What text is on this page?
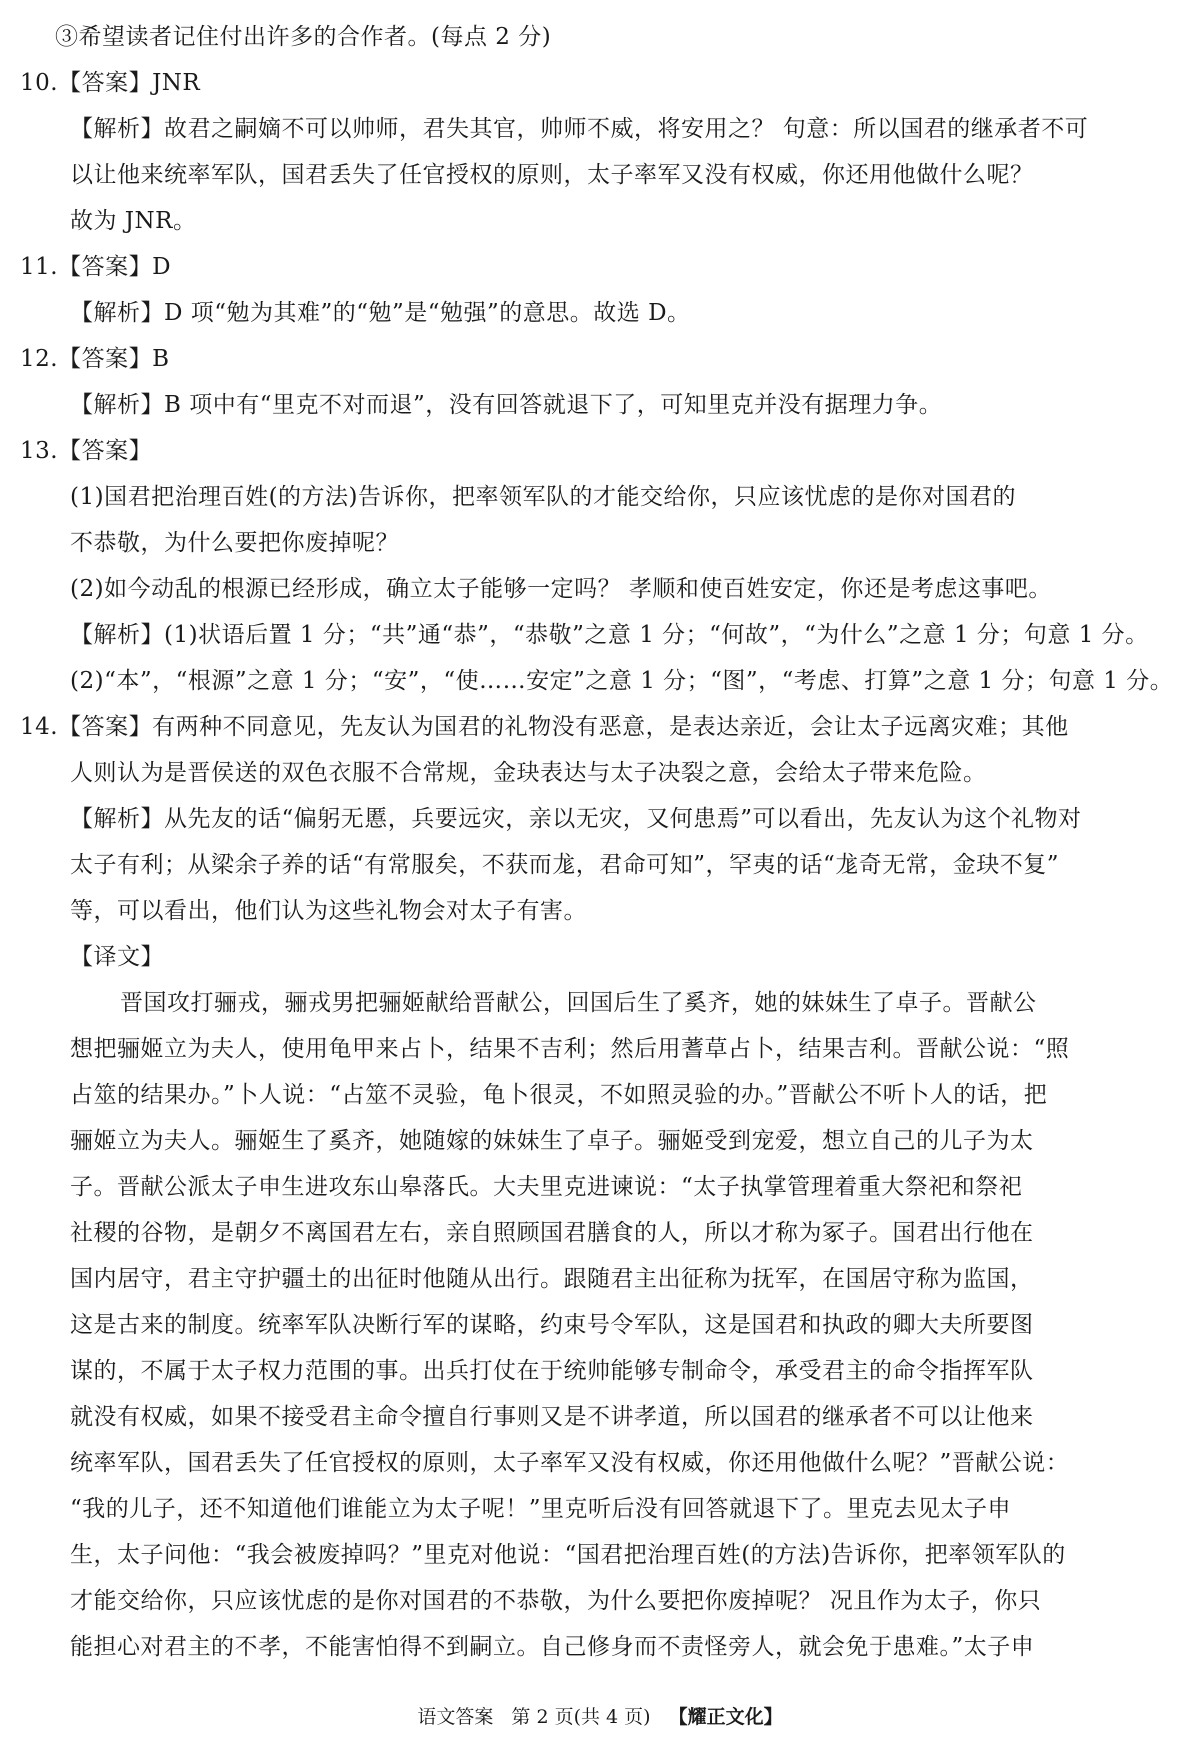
③希望读者记住付出许多的合作者。(每点 2 分)
10.【答案】JNR
【解析】故君之嗣嫡不可以帅师，君失其官，帅师不威，将安用之？ 句意：所以国君的继承者不可
以让他来统率军队，国君丢失了任官授权的原则，太子率军又没有权威，你还用他做什么呢？
故为 JNR。
11.【答案】D
【解析】D 项“勉为其难”的“勉”是“勉强”的意思。故选 D。
12.【答案】B
【解析】B 项中有“里克不对而退”，没有回答就退下了，可知里克并没有据理力争。
13.【答案】
(1)国君把治理百姓(的方法)告诉你，把率领军队的才能交给你，只应该忧虑的是你对国君的
不恭敬，为什么要把你废掉呢？
(2)如今动乱的根源已经形成，确立太子能够一定吗？ 孝顺和使百姓安定，你还是考虑这事吧。
【解析】(1)状语后置 1 分；“共”通“恭”，“恭敬”之意 1 分；“何故”，“为什么”之意 1 分；句意 1 分。
(2)“本”，“根源”之意 1 分；“安”，“使……安定”之意 1 分；“图”，“考虑、打算”之意 1 分；句意 1 分。
14.【答案】有两种不同意见，先友认为国君的礼物没有恶意，是表达亲近，会让太子远离灾难；其他
人则认为是晋侯送的双色衣服不合常规，金玦表达与太子决裂之意，会给太子带来危险。
【解析】从先友的话“偏躬无慝，兵要远灾，亲以无灾，又何患焉”可以看出，先友认为这个礼物对
太子有利；从梁余子养的话“有常服矣，不获而尨，君命可知”，罕夷的话“尨奇无常，金玦不复”
等，可以看出，他们认为这些礼物会对太子有害。
【译文】
晋国攻打骊戎，骊戎男把骊姬献给晋献公，回国后生了奚齐，她的妹妹生了卓子。晋献公
想把骊姬立为夫人，使用龟甲来占卜，结果不吉利；然后用蓍草占卜，结果吉利。晋献公说：“照
占筮的结果办。”卜人说：“占筮不灵验，龟卜很灵，不如照灵验的办。”晋献公不听卜人的话，把
骊姬立为夫人。骊姬生了奚齐，她随嫁的妹妹生了卓子。骊姬受到宠爱，想立自己的儿子为太
子。晋献公派太子申生进攻东山皋落氏。大夫里克进谏说：“太子执掌管理着重大祭祀和祭祀
社稷的谷物，是朝夕不离国君左右，亲自照顾国君膳食的人，所以才称为冢子。国君出行他在
国内居守，君主守护疆土的出征时他随从出行。跟随君主出征称为抚军，在国居守称为监国，
这是古来的制度。统率军队决断行军的谋略，约束号令军队，这是国君和执政的卿大夫所要图
谋的，不属于太子权力范围的事。出兵打仗在于统帅能够专制命令，承受君主的命令指挥军队
就没有权威，如果不接受君主命令擅自行事则又是不讲孝道，所以国君的继承者不可以让他来
统率军队，国君丢失了任官授权的原则，太子率军又没有权威，你还用他做什么呢？”晋献公说：
“我的儿子，还不知道他们谁能立为太子呢！”里克听后没有回答就退下了。里克去见太子申
生，太子问他：“我会被废掉吗？”里克对他说：“国君把治理百姓(的方法)告诉你，把率领军队的
才能交给你，只应该忧虑的是你对国君的不恭敬，为什么要把你废掉呢？ 况且作为太子，你只
能担心对君主的不孝，不能害怕得不到嗣立。自己修身而不责怪旁人，就会免于患难。”太子申
语文答案 第 2 页(共 4 页) 【耀正文化】
